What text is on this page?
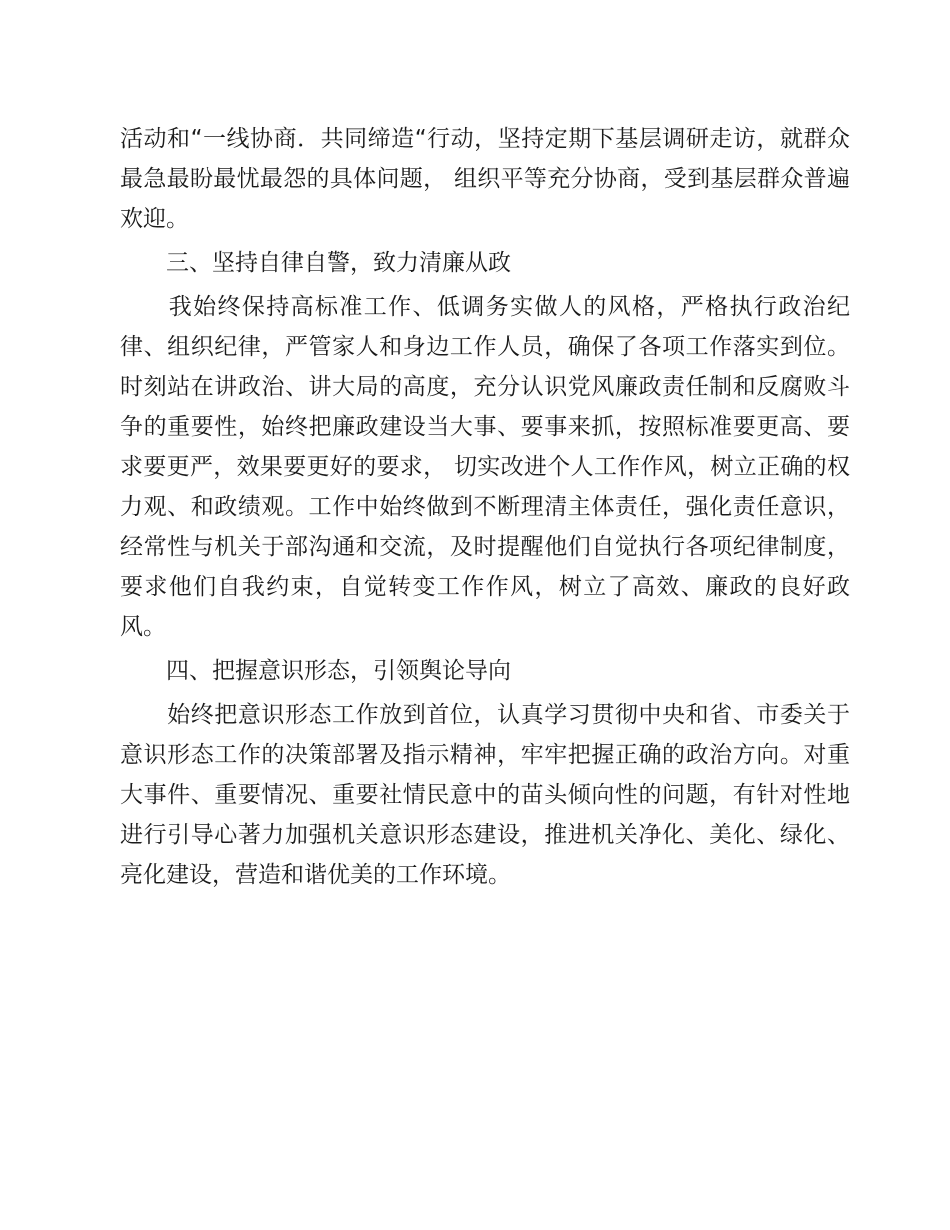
活动和“一线协商．共同缔造“行动，坚持定期下基层调研走访，就群众最急最盼最忧最怨的具体问题， 组织平等充分协商，受到基层群众普遍欢迎。

　　三、坚持自律自警，致力清廉从政

　　我始终保持高标准工作、低调务实做人的风格，严格执行政治纪律、组织纪律，严管家人和身边工作人员，确保了各项工作落实到位。时刻站在讲政治、讲大局的高度，充分认识党风廉政责任制和反腐败斗争的重要性，始终把廉政建设当大事、要事来抓，按照标准要更高、要求要更严，效果要更好的要求， 切实改进个人工作作风，树立正确的权力观、和政绩观。工作中始终做到不断理清主体责任，强化责任意识，经常性与机关于部沟通和交流，及时提醒他们自觉执行各项纪律制度，要求他们自我约束，自觉转变工作作风，树立了高效、廉政的良好政风。

　　四、把握意识形态，引领舆论导向

　　始终把意识形态工作放到首位，认真学习贯彻中央和省、市委关于意识形态工作的决策部署及指示精神，牢牢把握正确的政治方向。对重大事件、重要情况、重要社情民意中的苗头倾向性的问题，有针对性地进行引导心著力加强机关意识形态建设，推进机关净化、美化、绿化、亮化建设，营造和谐优美的工作环境。
